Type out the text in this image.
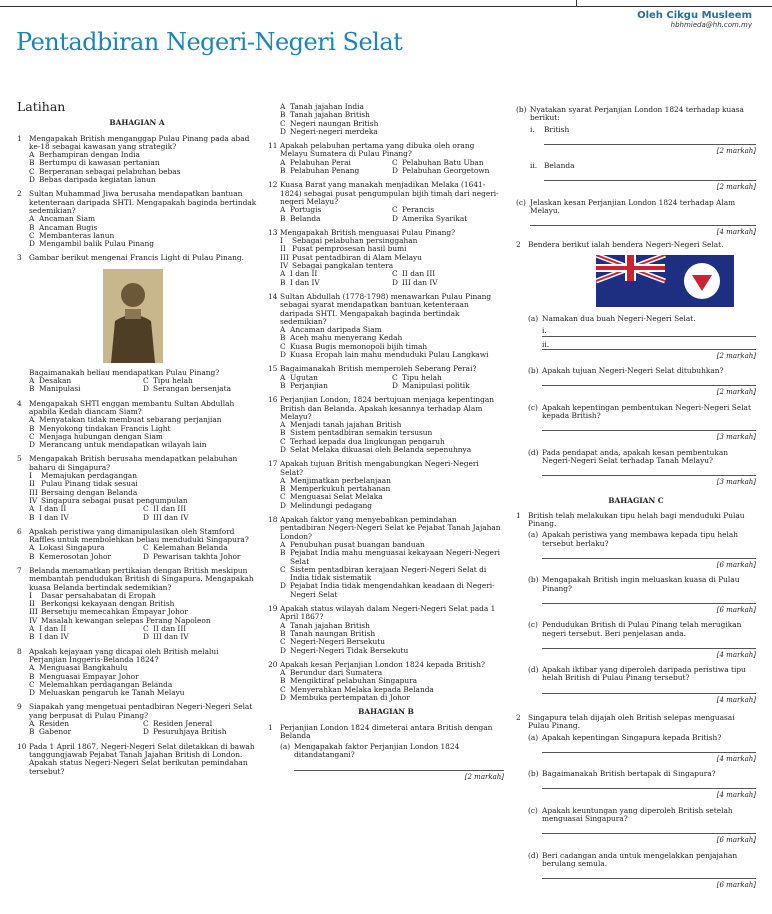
Oleh Cikgu Musleem
hbhmieda@hh.com.my
Pentadbiran Negeri-Negeri Selat
Latihan
BAHAGIAN A
1 Mengapakah British menganggap Pulau Pinang pada abad ke-18 sebagai kawasan yang strategik?
A Berhampiran dengan India
B Bertumpu di kawasan pertanian
C Berperanan sebagai pelabuhan bebas
D Bebas daripada kegiatan lanun
2 Sultan Muhammad Jiwa berusaha mendapatkan bantuan ketenteraan daripada SHTI. Mengapakah baginda bertindak sedemikian?
A Ancaman Siam
B Ancaman Bugis
C Membanteras lanun
D Mengambil balik Pulau Pinang
3 Gambar berikut mengenai Francis Light di Pulau Pinang.
Bagaimanakah beliau mendapatkan Pulau Pinang?
A Desakan	C Tipu helah
B Manipulasi	D Serangan bersenjata
4 Mengapakah SHTI enggan membantu Sultan Abdullah apabila Kedah diancam Siam?
A Menyatakan tidak membuat sebarang perjanjian
B Menyokong tindakan Francis Light
C Menjaga hubungan dengan Siam
D Merancang untuk mendapatkan wilayah lain
5 Mengapakah British berusaha mendapatkan pelabuhan baharu di Singapura?
I	Memajukan perdagangan
II Pulau Pinang tidak sesuai
III Bersaing dengan Belanda
IV Singapura sebagai pusat pengumpulan
A I dan II	C II dan III
B I dan IV	D III dan IV
6 Apakah peristiwa yang dimanipulasikan oleh Stamford Raffles untuk membolehkan beliau menduduki Singapura?
A Lokasi Singapura	C Kelemahan Belanda
B Kemerosotan Johor	D Pewarisan takhta Johor
7 Belanda menamatkan pertikaian dengan British meskipun membantah pendudukan British di Singapura. Mengapakah kuasa Belanda bertindak sedemikian?
I	Dasar persahabatan di Eropah
II Berkongsi kekayaan dengan British
III Bersetuju memecahkan Empayar Johor
IV Masalah kewangan selepas Perang Napoleon
A I dan II	C II dan III
B I dan IV	D III dan IV
8 Apakah kejayaan yang dicapai oleh British melalui Perjanjian Inggeris-Belanda 1824?
A Menguasai Bangkahulu
B Menguasai Empayar Johor
C Melemahkan perdagangan Belanda
D Meluaskan pengaruh ke Tanah Melayu
9 Siapakah yang mengetuai pentadbiran Negeri-Negeri Selat yang berpusat di Pulau Pinang?
A Residen	C Residen Jeneral
B Gabenor	D Pesuruhjaya British
10 Pada 1 April 1867, Negeri-Negeri Selat diletakkan di bawah tanggungjawab Pejabat Tanah Jajahan British di London. Apakah status Negeri-Negeri Selat berikutan pemindahan tersebut?
A Tanah jajahan India
B Tanah jajahan British
C Negeri naungan British
D Negeri-negeri merdeka
11 Apakah pelabuhan pertama yang dibuka oleh orang Melayu Sumatera di Pulau Pinang?
A Pelabuhan Perai	C Pelabuhan Batu Uban
B Pelabuhan Penang	D Pelabuhan Georgetown
12 Kuasa Barat yang manakah menjadikan Melaka (1641-1824) sebagai pusat pengumpulan bijih timah dari negeri-negeri Melayu?
A Portugis	C Perancis
B Belanda	D Amerika Syarikat
13 Mengapakah British menguasai Pulau Pinang?
I	Sebagai pelabuhan persinggahan
II Pusat pemprosesan hasil bumi
III Pusat pentadbiran di Alam Melayu
IV Sebagai pangkalan tentera
A I dan II	C II dan III
B I dan IV	D III dan IV
14 Sultan Abdullah (1778-1798) menawarkan Pulau Pinang sebagai syarat mendapatkan bantuan ketenteraan daripada SHTI. Mengapakah baginda bertindak sedemikian?
A Ancaman daripada Siam
B Aceh mahu menyerang Kedah
C Kuasa Bugis memonopoli bijih timah
D Kuasa Eropah lain mahu menduduki Pulau Langkawi
15 Bagaimanakah British memperoleh Seberang Perai?
A Ugutan	C Tipu helah
B Perjanjian	D Manipulasi politik
16 Perjanjian London, 1824 bertujuan menjaga kepentingan British dan Belanda. Apakah kesannya terhadap Alam Melayu?
A Menjadi tanah jajahan British
B Sistem pentadbiran semakin tersusun
C Terhad kepada dua lingkungan pengaruh
D Selat Melaka dikuasai oleh Belanda sepenuhnya
17 Apakah tujuan British mengabungkan Negeri-Negeri Selat?
A Menjimatkan perbelanjaan
B Memperkukuh pertahanan
C Menguasai Selat Melaka
D Melindungi pedagang
18 Apakah faktor yang menyebabkan pemindahan pentadbiran Negeri-Negeri Selat ke Pejabat Tanah Jajahan London?
A Penubuhan pusat buangan banduan
B Pejabat India mahu menguasai kekayaan Negeri-Negeri Selat
C Sistem pentadbiran kerajaan Negeri-Negeri Selat di India tidak sistematik
D Pejabat India tidak mengendahkan keadaan di Negeri-Negeri Selat
19 Apakah status wilayah dalam Negeri-Negeri Selat pada 1 April 1867?
A Tanah jajahan British
B Tanah naungan British
C Negeri-Negeri Bersekutu
D Negeri-Negeri Tidak Bersekutu
20 Apakah kesan Perjanjian London 1824 kepada British?
A Berundur dari Sumatera
B Mengiktiraf pelabuhan Singapura
C Menyerahkan Melaka kepada Belanda
D Membuka pertempatan di Johor
BAHAGIAN B
1 Perjanjian London 1824 dimeterai antara British dengan Belanda
(a) Mengapakah faktor Perjanjian London 1824 ditandatangani?
[2 markah]
(b) Nyatakan syarat Perjanjian London 1824 terhadap kuasa berikut:
i.	British
[2 markah]
ii. Belanda
[2 markah]
(c) Jelaskan kesan Perjanjian London 1824 terhadap Alam Melayu.
[4 markah]
2 Bendera berikut ialah bendera Negeri-Negeri Selat.
(a) Namakan dua buah Negeri-Negeri Selat.
i.
ii.
[2 markah]
(b) Apakah tujuan Negeri-Negeri Selat ditubuhkan?
[2 markah]
(c) Apakah kepentingan pembentukan Negeri-Negeri Selat kepada British?
[3 markah]
(d) Pada pendapat anda, apakah kesan pembentukan Negeri-Negeri Selat terhadap Tanah Melayu?
[3 markah]
BAHAGIAN C
1 British telah melakukan tipu helah bagi menduduki Pulau Pinang.
(a) Apakah peristiwa yang membawa kepada tipu helah tersebut berlaku?
[6 markah]
(b) Mengapakah British ingin meluaskan kuasa di Pulau Pinang?
[6 markah]
(c) Pendudukan British di Pulau Pinang telah merugikan negeri tersebut. Beri penjelasan anda.
[4 markah]
(d) Apakah iktibar yang diperoleh daripada peristiwa tipu helah British di Pulau Pinang tersebut?
[4 markah]
2 Singapura telah dijajah oleh British selepas menguasai Pulau Pinang.
(a) Apakah kepentingan Singapura kepada British?
[4 markah]
(b) Bagaimanakah British bertapak di Singapura?
[4 markah]
(c) Apakah keuntungan yang diperoleh British setelah menguasai Singapura?
[6 markah]
(d) Beri cadangan anda untuk mengelakkan penjajahan berulang semula.
[6 markah]
